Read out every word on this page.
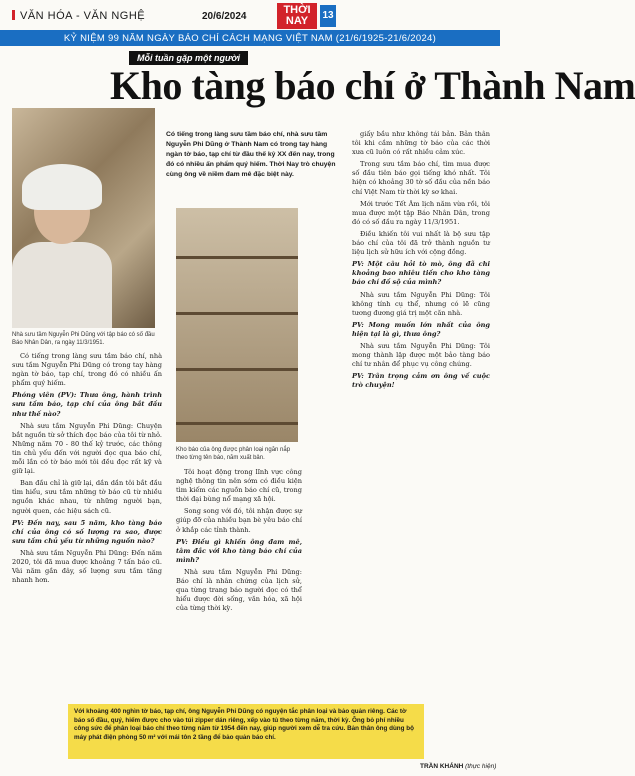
VĂN HÓA - VĂN NGHỆ	20/6/2024
THỜI NAY	13
KỶ NIỆM 99 NĂM NGÀY BÁO CHÍ CÁCH MẠNG VIỆT NAM (21/6/1925-21/6/2024)
Mỗi tuần gặp một người
Kho tàng báo chí ở Thành Nam
Có tiếng trong làng sưu tầm báo chí, nhà sưu tầm Nguyễn Phi Dũng ở Thành Nam có trong tay hàng ngàn tờ báo, tạp chí từ đầu thế kỷ XX đến nay, trong đó có nhiều ấn phẩm quý hiếm. Thời Nay trò chuyện cùng ông về niềm đam mê đặc biệt này.
Nhà sưu tầm Nguyễn Phi Dũng với tập báo có số đầu Báo Nhân Dân, ra ngày 11/3/1951.

Có tiếng trong làng sưu tầm báo chí, nhà sưu tầm Nguyễn Phi Dũng có trong tay hàng ngàn tờ báo, tạp chí, trong đó có nhiều ấn phẩm quý hiếm.

Phóng viên (PV): Thưa ông, hành trình sưu tầm báo, tạp chí của ông bắt đầu như thế nào?

Nhà sưu tầm Nguyễn Phi Dũng: Chuyện bắt nguồn từ sở thích đọc báo của tôi từ nhỏ. Những năm 70 - 80 thế kỷ trước, các thông tin chủ yếu đến với người đọc qua báo chí, mỗi lần có tờ báo mới tôi đều đọc rất kỹ và giữ lại.

Ban đầu chỉ là giữ lại, dần dần tôi bắt đầu tìm hiểu, sưu tầm những tờ báo cũ từ nhiều nguồn khác nhau, từ những người bạn, người quen, các hiệu sách cũ.

PV: Đến nay, sau 5 năm, kho tàng báo chí của ông có số lượng ra sao, được sưu tầm chủ yếu từ những nguồn nào?

Nhà sưu tầm Nguyễn Phi Dũng: Đến năm 2020, tôi đã mua được khoảng 7 tấn báo cũ. Vài năm gần đây, số lượng sưu tầm tăng nhanh hơn.

Kho báo của ông được phân loại ngăn nắp theo từng tên báo, năm xuất bản.

Tôi hoạt động trong lĩnh vực công nghệ thông tin nên sớm có điều kiện tìm kiếm các nguồn báo chí cũ, trong thời đại bùng nổ mạng xã hội.

Song song với đó, tôi nhận được sự giúp đỡ của nhiều bạn bè yêu báo chí ở khắp các tỉnh thành.

PV: Điều gì khiến ông đam mê, tâm đắc với kho tàng báo chí của mình?

Nhà sưu tầm Nguyễn Phi Dũng: Báo chí là nhân chứng của lịch sử, qua từng trang báo người đọc có thể hiểu được đời sống, văn hóa, xã hội của từng thời kỳ.

giấy bầu như không tái bản. Bản thân tôi khi cầm những tờ báo của các thời xưa cũ luôn có rất nhiều cảm xúc.

Trong sưu tầm báo chí, tìm mua được số đầu tiên báo gọi tiếng khó nhất. Tôi hiện có khoảng 30 tờ số đầu của nền báo chí Việt Nam từ thời kỳ sơ khai.

Mới trước Tết Âm lịch năm vừa rồi, tôi mua được một tập Báo Nhân Dân, trong đó có số đầu ra ngày 11/3/1951.

Điều khiến tôi vui nhất là bộ sưu tập báo chí của tôi đã trở thành nguồn tư liệu lịch sử hữu ích với cộng đồng.

PV: Một câu hỏi tò mò, ông đã chi khoảng bao nhiêu tiền cho kho tàng báo chí đồ sộ của mình?

Nhà sưu tầm Nguyễn Phi Dũng: Tôi không tính cụ thể, nhưng có lẽ cũng tương đương giá trị một căn nhà.

PV: Mong muốn lớn nhất của ông hiện tại là gì, thưa ông?

Nhà sưu tầm Nguyễn Phi Dũng: Tôi mong thành lập được một bảo tàng báo chí tư nhân để phục vụ công chúng.

PV: Trân trọng cảm ơn ông về cuộc trò chuyện!

Với khoảng 400 nghìn tờ báo, tạp chí, ông Nguyễn Phi Dũng có nguyện tắc phân loại và bảo quản riêng. Các tờ báo số đầu, quý, hiếm được cho vào túi zipper dán riêng, xếp vào tủ theo từng năm, thời kỳ. Ông bỏ phí nhiều công sức để phân loại báo chí theo từng năm từ 1954 đến nay, giúp người xem dễ tra cứu. Bản thân ông dùng bộ máy phát điện phòng 50 m² với mái tôn 2 tầng để bảo quản báo chí.
TRẦN KHÁNH (thực hiện)
